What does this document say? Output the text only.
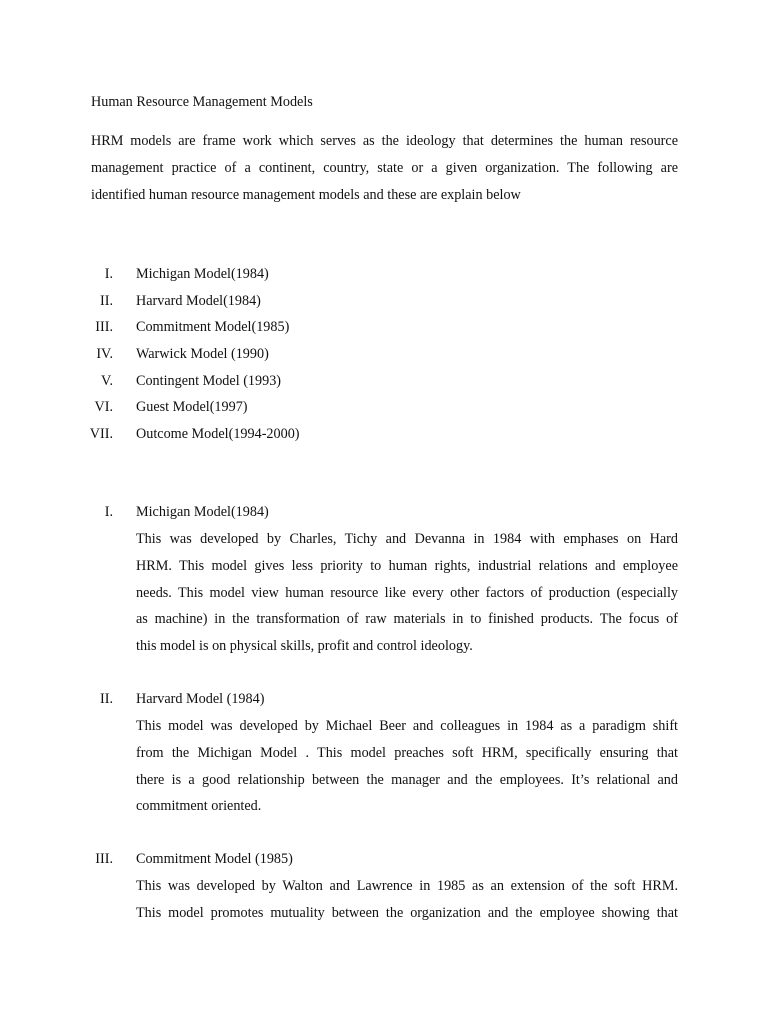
Human Resource Management Models

HRM models are frame work which serves as the ideology that determines the human resource
management practice of a continent, country, state or a given organization. The following are
identified human resource management models and these are explain below

I. Michigan Model(1984)
II. Harvard Model(1984)
III. Commitment Model(1985)
IV. Warwick Model (1990)
V. Contingent Model (1993)
VI. Guest Model(1997)
VII. Outcome Model(1994-2000)
I. Michigan Model(1984)
This was developed by Charles, Tichy and Devanna in 1984 with emphases on Hard
HRM. This model gives less priority to human rights, industrial relations and employee
needs. This model view human resource like every other factors of production (especially
as machine) in the transformation of raw materials in to finished products. The focus of
this model is on physical skills, profit and control ideology.
II. Harvard Model (1984)
This model was developed by Michael Beer and colleagues in 1984 as a paradigm shift
from the Michigan Model . This model preaches soft HRM, specifically ensuring that
there is a good relationship between the manager and the employees. It’s relational and
commitment oriented.
III. Commitment Model (1985)
This was developed by Walton and Lawrence in 1985 as an extension of the soft HRM.
This model promotes mutuality between the organization and the employee showing that
